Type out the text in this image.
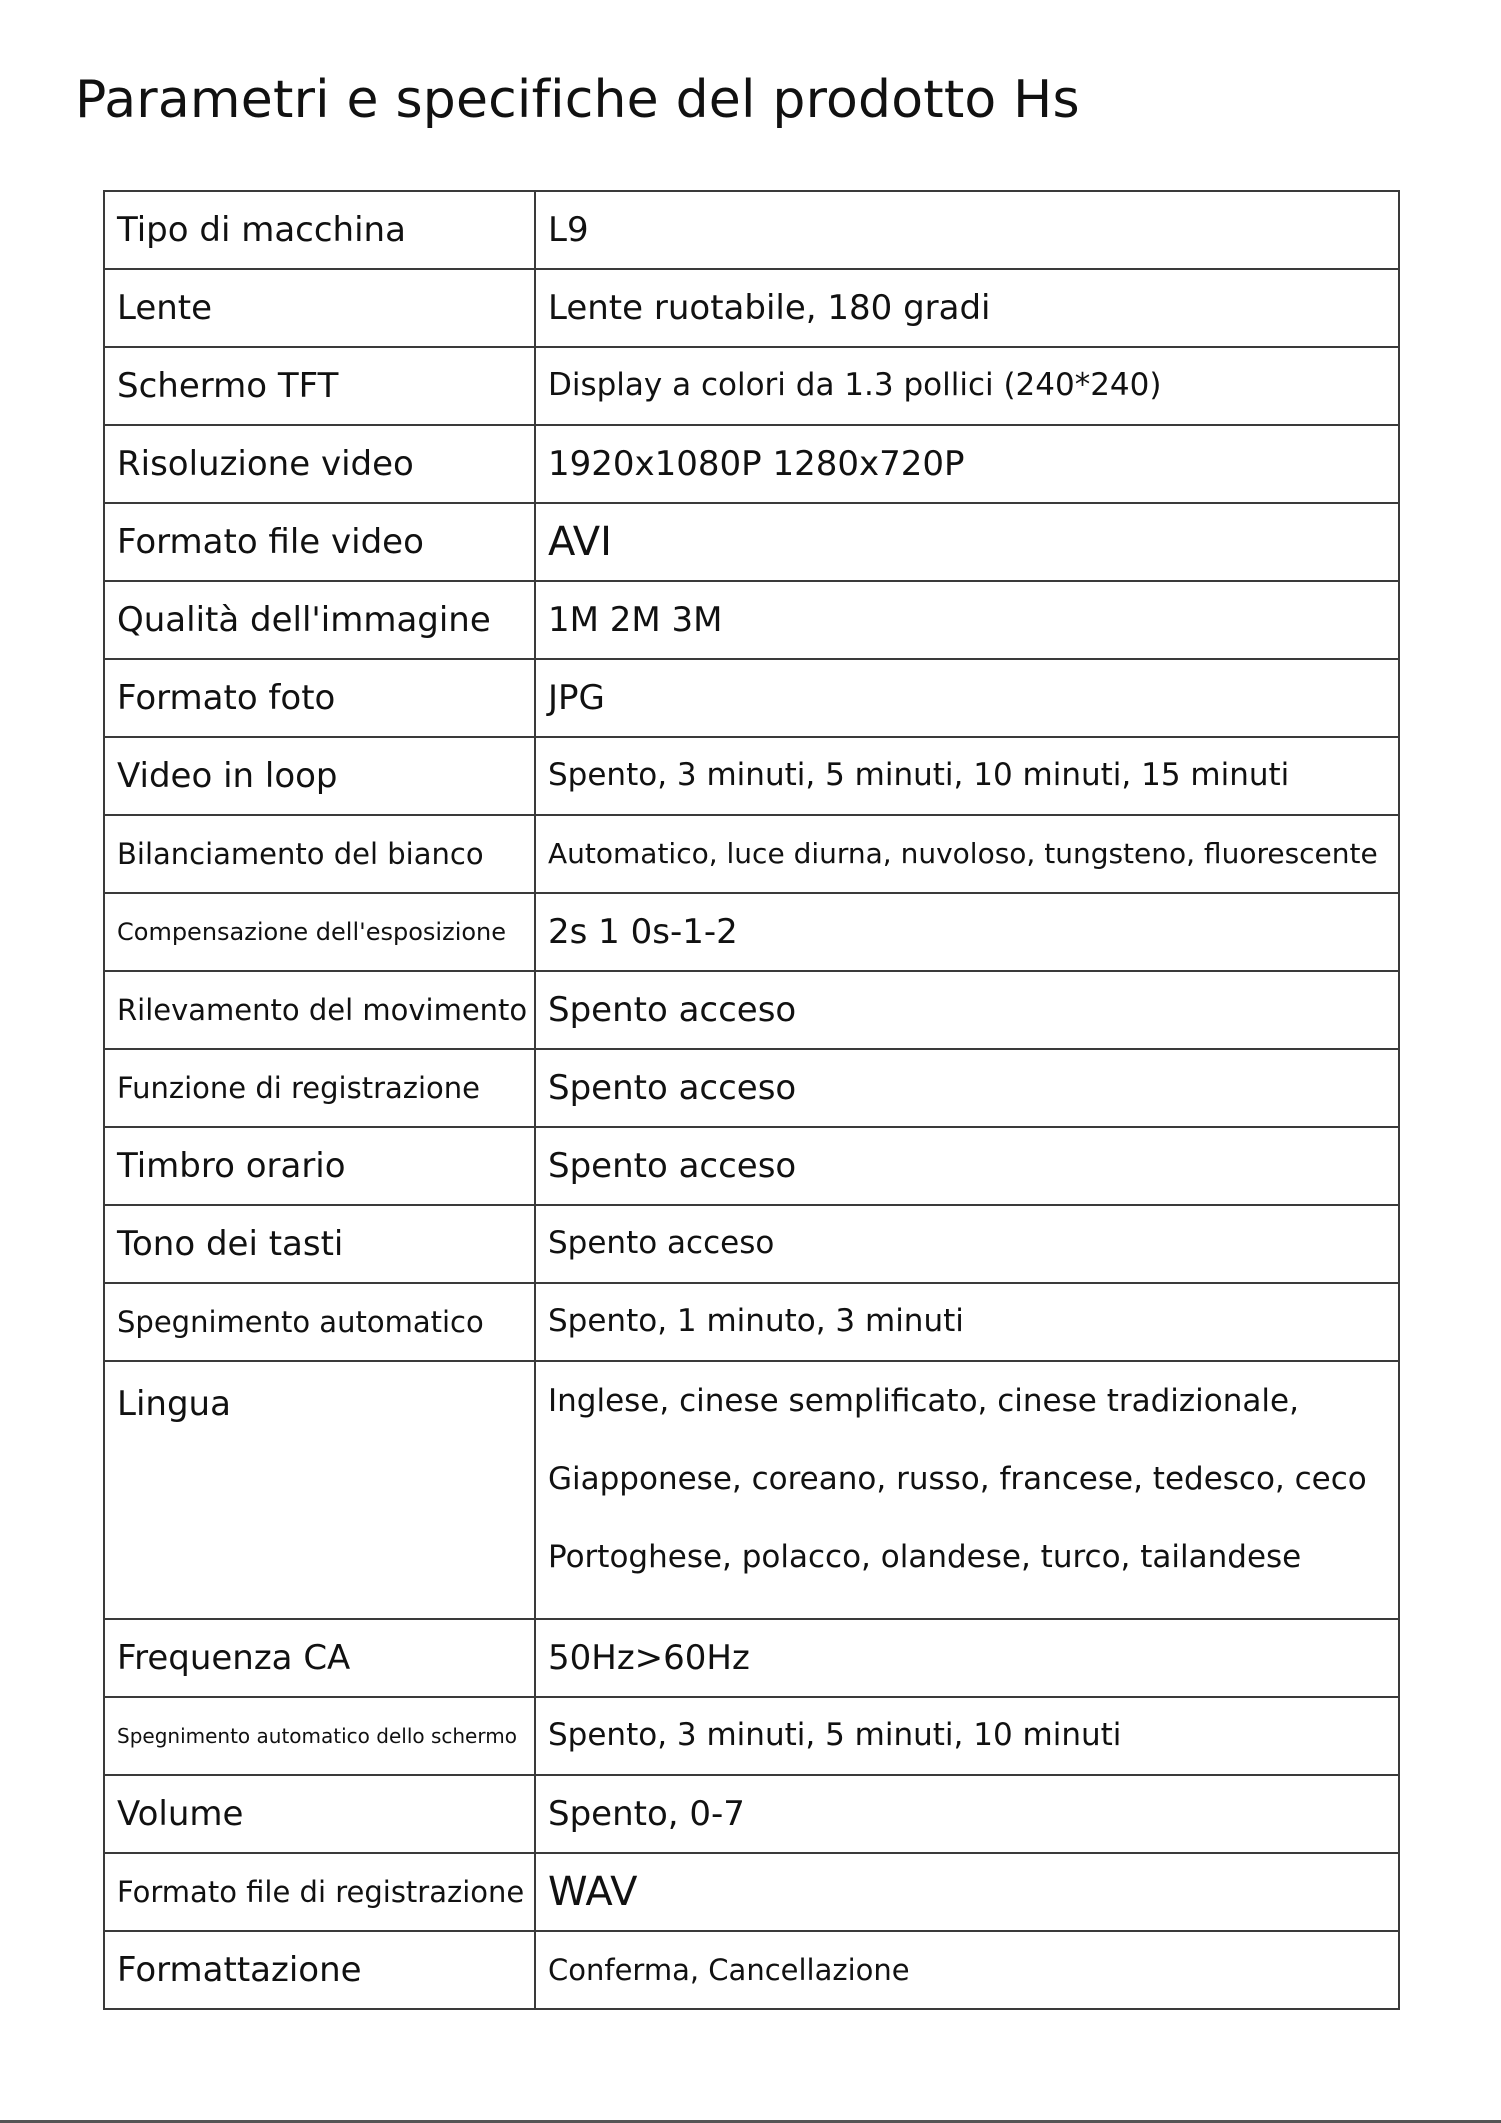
Parametri e specifiche del prodotto Hs
Tipo di macchina	L9
Lente	Lente ruotabile, 180 gradi
Schermo TFT	Display a colori da 1.3 pollici (240*240)
Risoluzione video	1920x1080P 1280x720P
Formato file video	AVI
Qualità dell'immagine	1M 2M 3M
Formato foto	JPG
Video in loop	Spento, 3 minuti, 5 minuti, 10 minuti, 15 minuti
Bilanciamento del bianco	Automatico, luce diurna, nuvoloso, tungsteno, fluorescente
Compensazione dell'esposizione	2s 1 0s-1-2
Rilevamento del movimento	Spento acceso
Funzione di registrazione	Spento acceso
Timbro orario	Spento acceso
Tono dei tasti	Spento acceso
Spegnimento automatico	Spento, 1 minuto, 3 minuti
Lingua	Inglese, cinese semplificato, cinese tradizionale,
Giapponese, coreano, russo, francese, tedesco, ceco
Portoghese, polacco, olandese, turco, tailandese

Frequenza CA	50Hz>60Hz
Spegnimento automatico dello schermo	Spento, 3 minuti, 5 minuti, 10 minuti
Volume	Spento, 0-7
Formato file di registrazione	WAV
Formattazione	Conferma, Cancellazione
